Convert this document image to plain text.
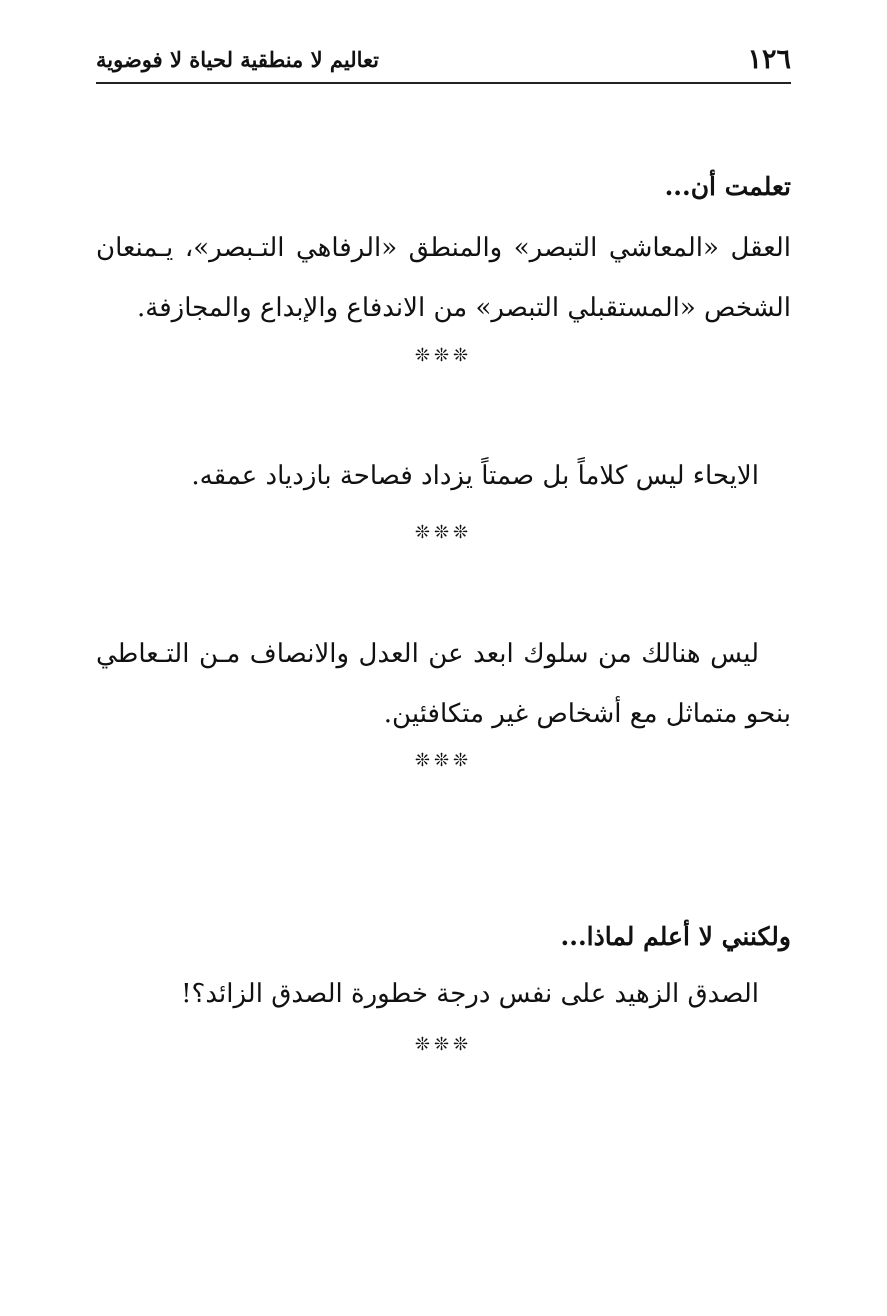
١٢٦
تعاليم لا منطقية لحياة لا فوضوية
تعلمت أن...
العقل «المعاشي التبصر» والمنطق «الرفاهي التـبصر»، يـمنعان
الشخص «المستقبلي التبصر» من الاندفاع والإبداع والمجازفة.
❊❊❊
الايحاء ليس كلاماً بل صمتاً يزداد فصاحة بازدياد عمقه.
❊❊❊
ليس هنالك من سلوك ابعد عن العدل والانصاف مـن التـعاطي
بنحو متماثل مع أشخاص غير متكافئين.
❊❊❊
ولكنني لا أعلم لماذا...
الصدق الزهيد على نفس درجة خطورة الصدق الزائد؟!
❊❊❊
